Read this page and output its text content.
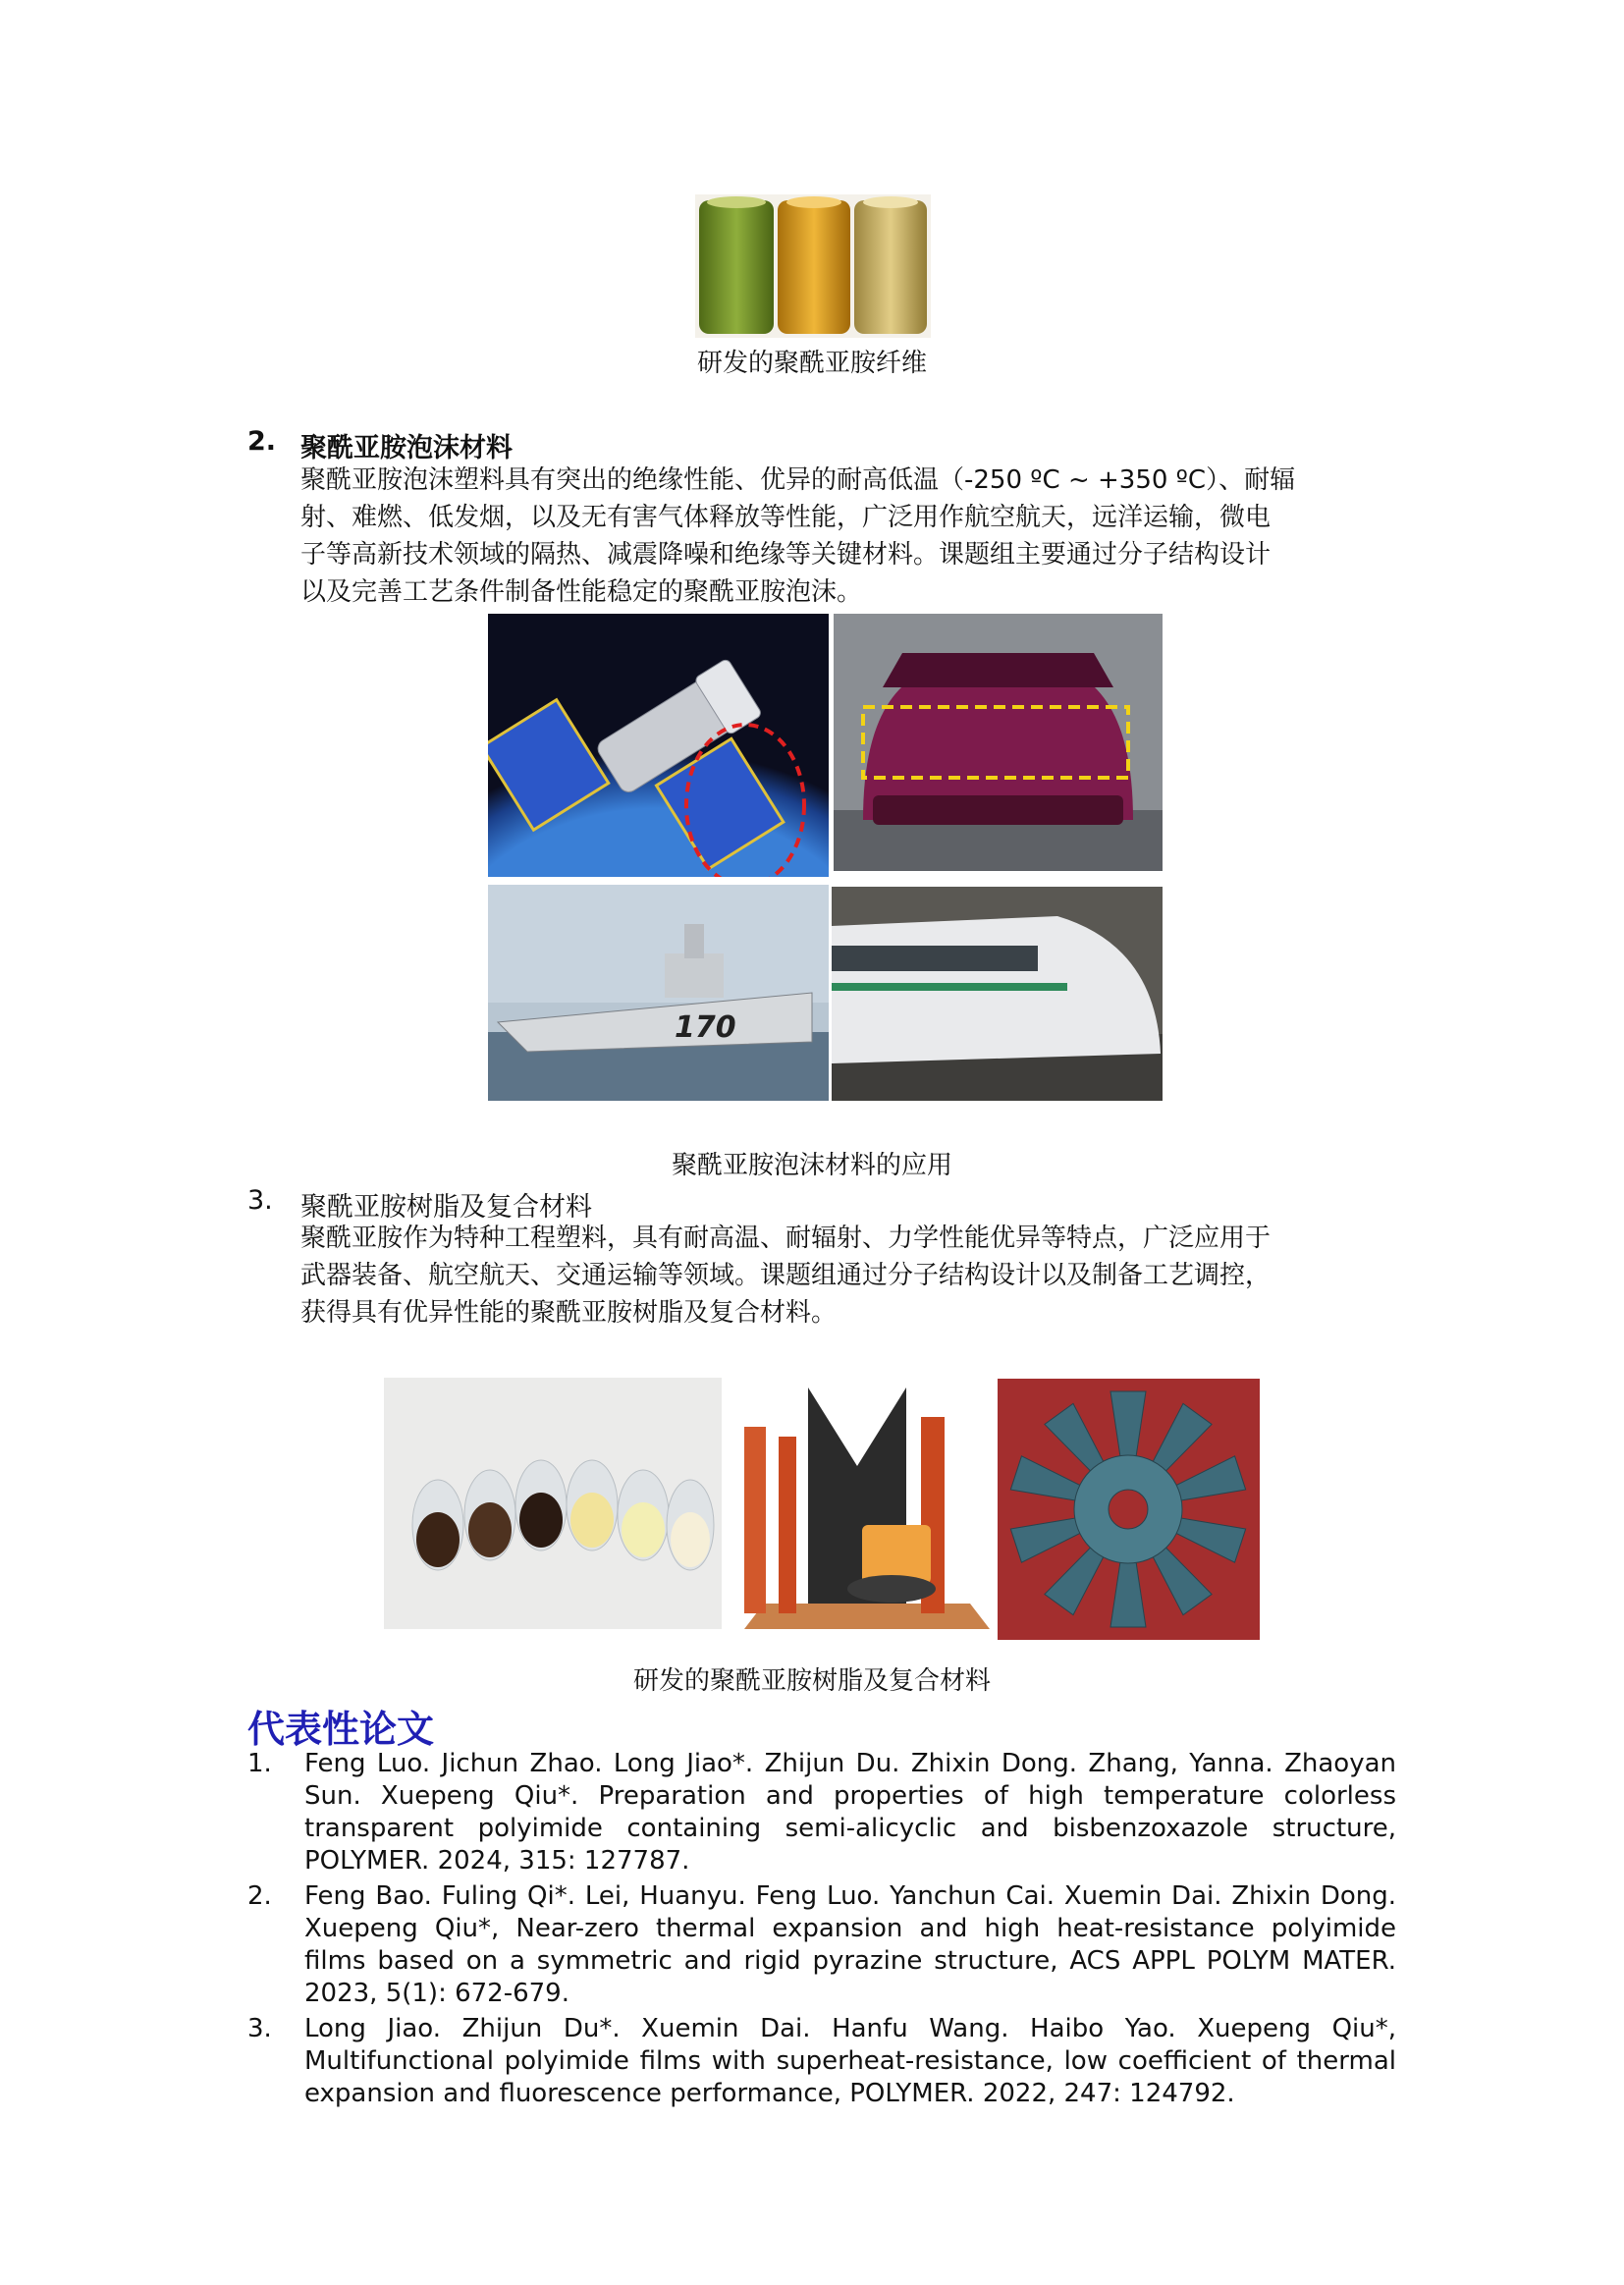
研发的聚酰亚胺纤维
2. 聚酰亚胺泡沫材料
聚酰亚胺泡沫塑料具有突出的绝缘性能、优异的耐高低温（-250 ºC ~ +350 ºC）、耐辐
射、难燃、低发烟，以及无有害气体释放等性能，广泛用作航空航天，远洋运输，微电
子等高新技术领域的隔热、减震降噪和绝缘等关键材料。课题组主要通过分子结构设计
以及完善工艺条件制备性能稳定的聚酰亚胺泡沫。
170
聚酰亚胺泡沫材料的应用
3. 聚酰亚胺树脂及复合材料
聚酰亚胺作为特种工程塑料，具有耐高温、耐辐射、力学性能优异等特点，广泛应用于
武器装备、航空航天、交通运输等领域。课题组通过分子结构设计以及制备工艺调控，
获得具有优异性能的聚酰亚胺树脂及复合材料。
研发的聚酰亚胺树脂及复合材料
代表性论文
1. Feng Luo. Jichun Zhao. Long Jiao*. Zhijun Du. Zhixin Dong. Zhang, Yanna. Zhaoyan Sun. Xuepeng Qiu*. Preparation and properties of high temperature colorless transparent polyimide containing semi-alicyclic and bisbenzoxazole structure, POLYMER. 2024, 315: 127787.
2. Feng Bao. Fuling Qi*. Lei, Huanyu. Feng Luo. Yanchun Cai. Xuemin Dai. Zhixin Dong. Xuepeng Qiu*, Near-zero thermal expansion and high heat-resistance polyimide films based on a symmetric and rigid pyrazine structure, ACS APPL POLYM MATER. 2023, 5(1): 672-679.
3. Long Jiao. Zhijun Du*. Xuemin Dai. Hanfu Wang. Haibo Yao. Xuepeng Qiu*, Multifunctional polyimide films with superheat-resistance, low coefficient of thermal expansion and fluorescence performance, POLYMER. 2022, 247: 124792.
